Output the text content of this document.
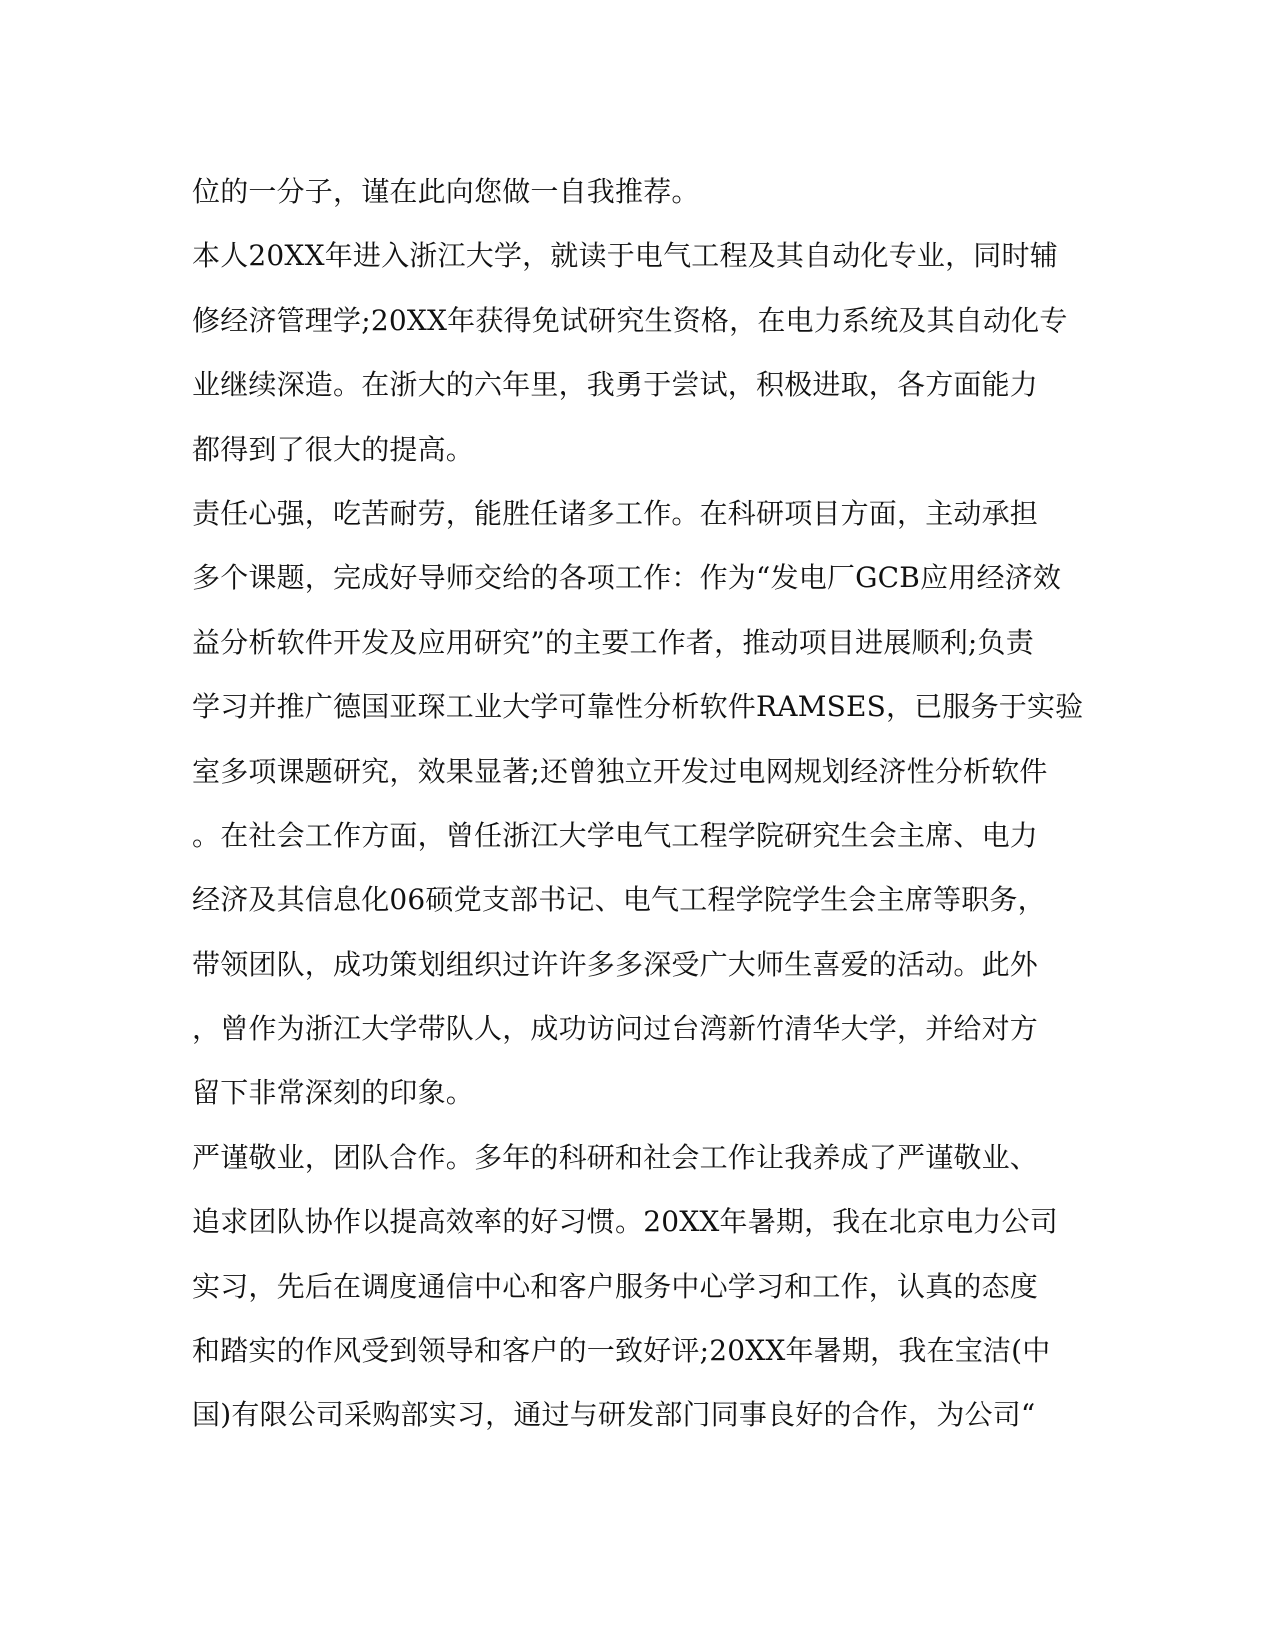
位的一分子，谨在此向您做一自我推荐。
本人20XX年进入浙江大学，就读于电气工程及其自动化专业，同时辅
修经济管理学;20XX年获得免试研究生资格，在电力系统及其自动化专
业继续深造。在浙大的六年里，我勇于尝试，积极进取，各方面能力
都得到了很大的提高。
责任心强，吃苦耐劳，能胜任诸多工作。在科研项目方面，主动承担
多个课题，完成好导师交给的各项工作：作为“发电厂GCB应用经济效
益分析软件开发及应用研究”的主要工作者，推动项目进展顺利;负责
学习并推广德国亚琛工业大学可靠性分析软件RAMSES，已服务于实验
室多项课题研究，效果显著;还曾独立开发过电网规划经济性分析软件
。在社会工作方面，曾任浙江大学电气工程学院研究生会主席、电力
经济及其信息化06硕党支部书记、电气工程学院学生会主席等职务，
带领团队，成功策划组织过许许多多深受广大师生喜爱的活动。此外
，曾作为浙江大学带队人，成功访问过台湾新竹清华大学，并给对方
留下非常深刻的印象。
严谨敬业，团队合作。多年的科研和社会工作让我养成了严谨敬业、
追求团队协作以提高效率的好习惯。20XX年暑期，我在北京电力公司
实习，先后在调度通信中心和客户服务中心学习和工作，认真的态度
和踏实的作风受到领导和客户的一致好评;20XX年暑期，我在宝洁(中
国)有限公司采购部实习，通过与研发部门同事良好的合作，为公司“
